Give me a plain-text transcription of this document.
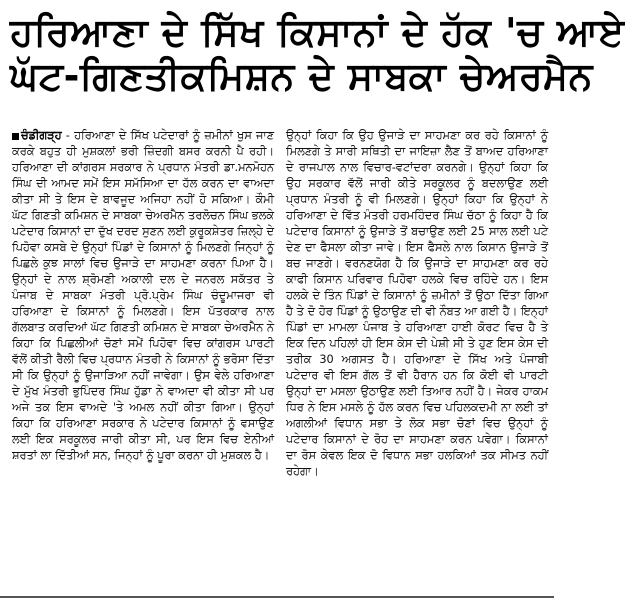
ਹਰਿਆਣਾ ਦੇ ਸਿੱਖ ਕਿਸਾਨਾਂ ਦੇ ਹੱਕ 'ਚ ਆਏ
ਘੱਟ-ਗਿਣਤੀਕਮਿਸ਼ਨ ਦੇ ਸਾਬਕਾ ਚੇਅਰਮੈਨ

ਚੰਡੀਗੜ੍ਹ - ਹਰਿਆਣਾ ਦੇ ਸਿੱਖ ਪਟੇਦਾਰਾਂ ਨੂੰ ਜ਼ਮੀਨਾਂ ਖੁਸ ਜਾਣ ਕਰਕੇ ਬਹੁਤ ਹੀ ਮੁਸ਼ਕਲਾਂ ਭਰੀ ਜ਼ਿੰਦਗੀ ਬਸਰ ਕਰਨੀ ਪੈ ਰਹੀ। ਹਰਿਆਣਾ ਦੀ ਕਾਂਗਰਸ ਸਰਕਾਰ ਨੇ ਪ੍ਰਧਾਨ ਮੰਤਰੀ ਡਾ.ਮਨਮੋਹਨ ਸਿੰਘ ਦੀ ਆਮਦ ਸਮੇਂ ਇਸ ਸਮੱਸਿਆ ਦਾ ਹੱਲ ਕਰਨ ਦਾ ਵਾਅਦਾ ਕੀਤਾ ਸੀ ਤੇ ਇਸ ਦੇ ਬਾਵਜੂਦ ਅਜਿਹਾ ਨਹੀਂ ਹੋ ਸਕਿਆ। ਕੌਮੀ ਘੱਟ ਗਿਣਤੀ ਕਮਿਸ਼ਨ ਦੇ ਸਾਬਕਾ ਚੇਅਰਮੈਨ ਤਰਲੋਚਨ ਸਿੰਘ ਭਲਕੇ ਪਟੇਦਾਰ ਕਿਸਾਨਾਂ ਦਾ ਦੁੱਖ ਦਰਦ ਸੁਣਨ ਲਈ ਕੁਰੂਕਸ਼ੇਤਰ ਜ਼ਿਲ੍ਹੇ ਦੇ ਪਿਹੋਵਾ ਕਸਬੇ ਦੇ ਉਨ੍ਹਾਂ ਪਿੰਡਾਂ ਦੇ ਕਿਸਾਨਾਂ ਨੂੰ ਮਿਲਣਗੇ ਜਿਨ੍ਹਾਂ ਨੂੰ ਪਿਛਲੇ ਕੁਝ ਸਾਲਾਂ ਵਿਚ ਉਜਾੜੇ ਦਾ ਸਾਹਮਣਾ ਕਰਨਾ ਪਿਆ ਹੈ। ਉਨ੍ਹਾਂ ਦੇ ਨਾਲ ਸ਼੍ਰੋਮਣੀ ਅਕਾਲੀ ਦਲ ਦੇ ਜਨਰਲ ਸਕੱਤਰ ਤੇ ਪੰਜਾਬ ਦੇ ਸਾਬਕਾ ਮੰਤਰੀ ਪ੍ਰੋ.ਪ੍ਰੇਮ ਸਿੰਘ ਚੰਦੂਮਾਜਰਾ ਵੀ ਹਰਿਆਣਾ ਦੇ ਕਿਸਾਨਾਂ ਨੂੰ ਮਿਲਣਗੇ। ਇਸ ਪੱਤਰਕਾਰ ਨਾਲ ਗੱਲਬਾਤ ਕਰਦਿਆਂ ਘੱਟ ਗਿਣਤੀ ਕਮਿਸ਼ਨ ਦੇ ਸਾਬਕਾ ਚੇਅਰਮੈਨ ਨੇ ਕਿਹਾ ਕਿ ਪਿਛਲੀਆਂ ਚੋਣਾਂ ਸਮੇਂ ਪਿਹੋਵਾ ਵਿਚ ਕਾਂਗਰਸ ਪਾਰਟੀ ਵੱਲੋਂ ਕੀਤੀ ਰੈਲੀ ਵਿਚ ਪ੍ਰਧਾਨ ਮੰਤਰੀ ਨੇ ਕਿਸਾਨਾਂ ਨੂੰ ਭਰੋਸਾ ਦਿੱਤਾ ਸੀ ਕਿ ਉਨ੍ਹਾਂ ਨੂੰ ਉਜਾੜਿਆ ਨਹੀਂ ਜਾਵੇਗਾ। ਉਸ ਵੇਲੇ ਹਰਿਆਣਾ ਦੇ ਮੁੱਖ ਮੰਤਰੀ ਭੁਪਿੰਦਰ ਸਿੰਘ ਹੁੱਡਾ ਨੇ ਵਾਅਦਾ ਵੀ ਕੀਤਾ ਸੀ ਪਰ ਅਜੇ ਤਕ ਇਸ ਵਾਅਦੇ 'ਤੇ ਅਮਲ ਨਹੀਂ ਕੀਤਾ ਗਿਆ। ਉਨ੍ਹਾਂ ਕਿਹਾ ਕਿ ਹਰਿਆਣਾ ਸਰਕਾਰ ਨੇ ਪਟੇਦਾਰ ਕਿਸਾਨਾਂ ਨੂੰ ਵਸਾਉਣ ਲਈ ਇਕ ਸਰਕੂਲਰ ਜਾਰੀ ਕੀਤਾ ਸੀ, ਪਰ ਇਸ ਵਿਚ ਏਨੀਆਂ ਸ਼ਰਤਾਂ ਲਾ ਦਿੱਤੀਆਂ ਸਨ, ਜਿਨ੍ਹਾਂ ਨੂੰ ਪੂਰਾ ਕਰਨਾ ਹੀ ਮੁਸ਼ਕਲ ਹੈ।

ਉਨ੍ਹਾਂ ਕਿਹਾ ਕਿ ਉਹ ਉਜਾੜੇ ਦਾ ਸਾਹਮਣਾ ਕਰ ਰਹੇ ਕਿਸਾਨਾਂ ਨੂੰ ਮਿਲਣਗੇ ਤੇ ਸਾਰੀ ਸਥਿਤੀ ਦਾ ਜਾਇਜ਼ਾ ਲੈਣ ਤੋਂ ਬਾਅਦ ਹਰਿਆਣਾ ਦੇ ਰਾਜਪਾਲ ਨਾਲ ਵਿਚਾਰ-ਵਟਾਂਦਰਾ ਕਰਨਗੇ। ਉਨ੍ਹਾਂ ਕਿਹਾ ਕਿ ਉਹ ਸਰਕਾਰ ਵੱਲੋਂ ਜਾਰੀ ਕੀਤੇ ਸਰਕੂਲਰ ਨੂੰ ਬਦਲਾਉਣ ਲਈ ਪ੍ਰਧਾਨ ਮੰਤਰੀ ਨੂੰ ਵੀ ਮਿਲਣਗੇ। ਉਨ੍ਹਾਂ ਕਿਹਾ ਕਿ ਉਨ੍ਹਾਂ ਨੇ ਹਰਿਆਣਾ ਦੇ ਵਿੱਤ ਮੰਤਰੀ ਹਰਮਹਿੰਦਰ ਸਿੰਘ ਚੱਠਾ ਨੂੰ ਕਿਹਾ ਹੈ ਕਿ ਪਟੇਦਾਰ ਕਿਸਾਨਾਂ ਨੂੰ ਉਜਾੜੇ ਤੋਂ ਬਚਾਉਣ ਲਈ 25 ਸਾਲ ਲਈ ਪਟੇ ਦੇਣ ਦਾ ਫੈਸਲਾ ਕੀਤਾ ਜਾਵੇ। ਇਸ ਫੈਸਲੇ ਨਾਲ ਕਿਸਾਨ ਉਜਾੜੇ ਤੋਂ ਬਚ ਜਾਣਗੇ। ਵਰਨਣਯੋਗ ਹੈ ਕਿ ਉਜਾੜੇ ਦਾ ਸਾਹਮਣਾ ਕਰ ਰਹੇ ਕਾਫੀ ਕਿਸਾਨ ਪਰਿਵਾਰ ਪਿਹੋਵਾ ਹਲਕੇ ਵਿਚ ਰਹਿੰਦੇ ਹਨ। ਇਸ ਹਲਕੇ ਦੇ ਤਿੰਨ ਪਿੰਡਾਂ ਦੇ ਕਿਸਾਨਾਂ ਨੂੰ ਜ਼ਮੀਨਾਂ ਤੋਂ ਉਠਾ ਦਿੱਤਾ ਗਿਆ ਹੈ ਤੇ ਦੋ ਹੋਰ ਪਿੰਡਾਂ ਨੂੰ ਉਠਾਉਣ ਦੀ ਵੀ ਨੌਬਤ ਆ ਗਈ ਹੈ। ਇਨ੍ਹਾਂ ਪਿੰਡਾਂ ਦਾ ਮਾਮਲਾ ਪੰਜਾਬ ਤੇ ਹਰਿਆਣਾ ਹਾਈ ਕੋਰਟ ਵਿਚ ਹੈ ਤੇ ਇਕ ਦਿਨ ਪਹਿਲਾਂ ਹੀ ਇਸ ਕੇਸ ਦੀ ਪੇਸ਼ੀ ਸੀ ਤੇ ਹੁਣ ਇਸ ਕੇਸ ਦੀ ਤਰੀਕ 30 ਅਗਸਤ ਹੈ। ਹਰਿਆਣਾ ਦੇ ਸਿੱਖ ਅਤੇ ਪੰਜਾਬੀ ਪਟੇਦਾਰ ਵੀ ਇਸ ਗੱਲ ਤੋਂ ਵੀ ਹੈਰਾਨ ਹਨ ਕਿ ਕੋਈ ਵੀ ਪਾਰਟੀ ਉਨ੍ਹਾਂ ਦਾ ਮਸਲਾ ਉਠਾਉਣ ਲਈ ਤਿਆਰ ਨਹੀਂ ਹੈ। ਜੇਕਰ ਹਾਕਮ ਧਿਰ ਨੇ ਇਸ ਮਸਲੇ ਨੂੰ ਹੱਲ ਕਰਨ ਵਿਚ ਪਹਿਲਕਦਮੀ ਨਾ ਲਈ ਤਾਂ ਅਗਲੀਆਂ ਵਿਧਾਨ ਸਭਾ ਤੇ ਲੋਕ ਸਭਾ ਚੋਣਾਂ ਵਿਚ ਉਨ੍ਹਾਂ ਨੂੰ ਪਟੇਦਾਰ ਕਿਸਾਨਾਂ ਦੇ ਰੋਹ ਦਾ ਸਾਹਮਣਾ ਕਰਨ ਪਵੇਗਾ। ਕਿਸਾਨਾਂ ਦਾ ਰੋਸ ਕੇਵਲ ਇਕ ਦੋ ਵਿਧਾਨ ਸਭਾ ਹਲਕਿਆਂ ਤਕ ਸੀਮਤ ਨਹੀਂ ਰਹੇਗਾ।
